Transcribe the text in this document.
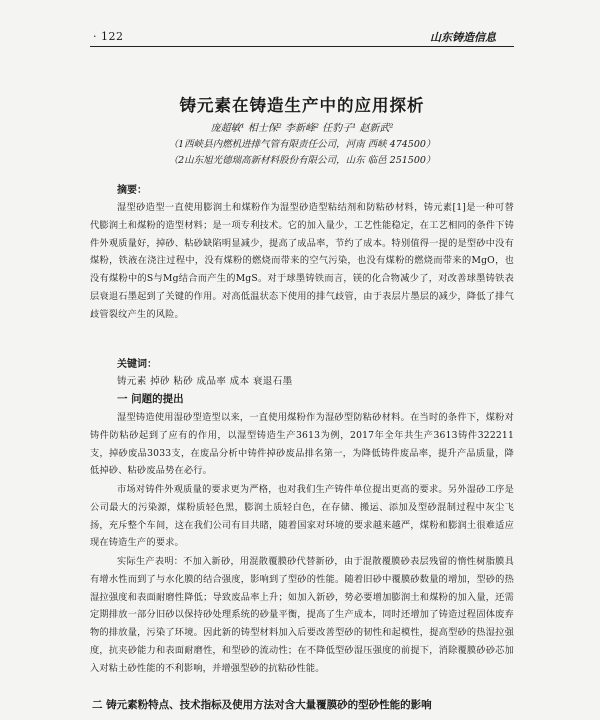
· 122	山东铸造信息
铸元素在铸造生产中的应用探析
庞超敏¹ 相士保² 李新峰² 任豹子¹ 赵新武²
（1西峡县内燃机进排气管有限责任公司，河南 西峡 474500）
（2山东旭光德瑞高新材料股份有限公司，山东 临邑 251500）
摘要：

湿型砂造型一直使用膨润土和煤粉作为湿型砂造型粘结剂和防粘砂材料，铸元素[1]是一种可替代膨润土和煤粉的造型材料；是一项专利技术。它的加入量少，工艺性能稳定，在工艺相同的条件下铸件外观质量好，掉砂、粘砂缺陷明显减少，提高了成品率，节约了成本。特别值得一提的是型砂中没有煤粉，铁液在浇注过程中，没有煤粉的燃烧而带来的空气污染，也没有煤粉的燃烧而带来的MgO，也没有煤粉中的S与Mg结合而产生的MgS。对于球墨铸铁而言，镁的化合物减少了，对改善球墨铸铁表层衰退石墨起到了关键的作用。对高低温状态下使用的排气歧管，由于表层片墨层的减少，降低了排气歧管裂纹产生的风险。

关键词：
铸元素 掉砂 粘砂 成品率 成本 衰退石墨
一 问题的提出

湿型铸造使用湿砂型造型以来，一直使用煤粉作为湿砂型防粘砂材料。在当时的条件下，煤粉对铸件防粘砂起到了应有的作用，以湿型铸造生产3613为例，2017年全年共生产3613铸件322211支，掉砂废品3033支，在废品分析中铸件掉砂废品排名第一，为降低铸件废品率，提升产品质量，降低掉砂、粘砂废品势在必行。

市场对铸件外观质量的要求更为严格，也对我们生产铸件单位提出更高的要求。另外湿砂工序是公司最大的污染源，煤粉质轻色黑，膨润土质轻白色，在存储、搬运、添加及型砂混制过程中灰尘飞扬，充斥整个车间，这在我们公司有目共睹，随着国家对环境的要求越来越严，煤粉和膨润土很难适应现在铸造生产的要求。

实际生产表明：不加入新砂，用混散覆膜砂代替新砂，由于混散覆膜砂表层残留的惰性树脂膜具有增水性而到了与水化膜的结合强度，影响到了型砂的性能。随着旧砂中覆膜砂数量的增加，型砂的热湿拉强度和表面耐磨性降低；导致废品率上升；如加入新砂，势必要增加膨润土和煤粉的加入量，还需定期排放一部分旧砂以保持砂处理系统的砂量平衡，提高了生产成本，同时还增加了铸造过程固体废弃物的排放量，污染了环境。因此新的铸型材料加入后要改善型砂的韧性和起模性，提高型砂的热湿拉强度，抗夹砂能力和表面耐磨性，和型砂的流动性；在不降低型砂湿压强度的前提下，消除覆膜砂砂芯加入对粘土砂性能的不利影响，并增强型砂的抗粘砂性能。

二 铸元素粉特点、技术指标及使用方法对含大量覆膜砂的型砂性能的影响
